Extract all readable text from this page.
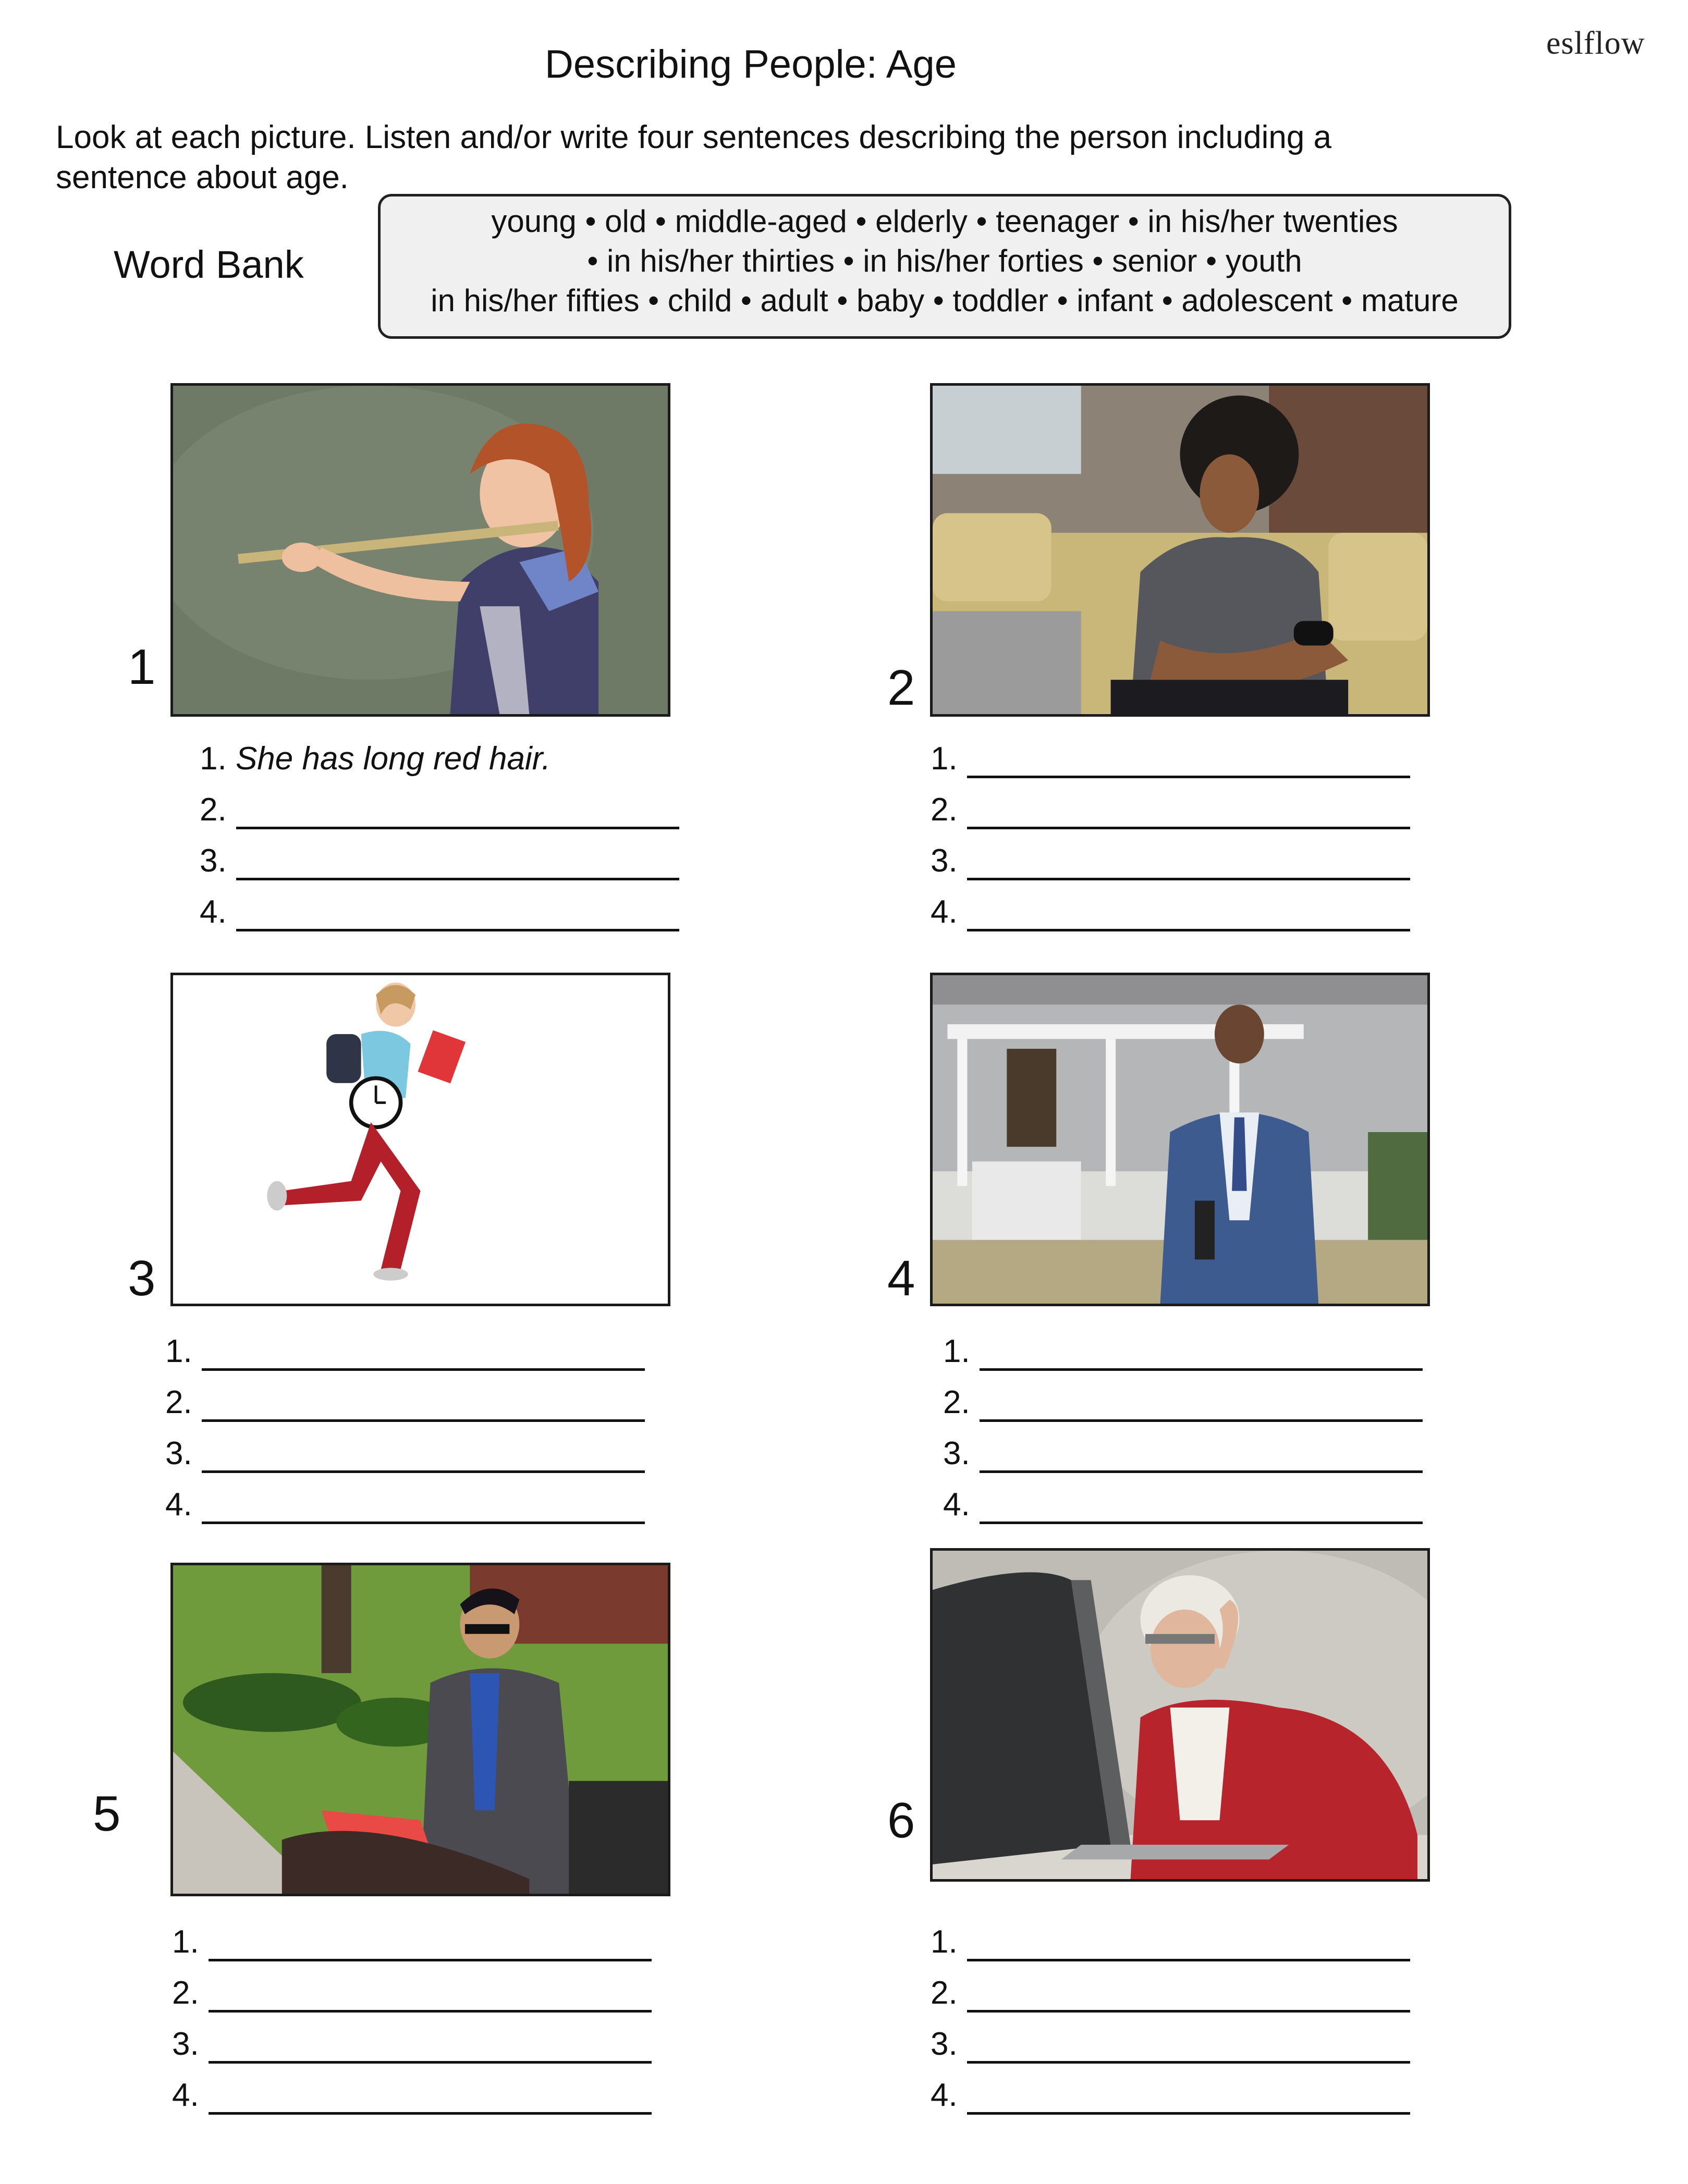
eslflow
Describing People: Age
Look at each picture. Listen and/or write four sentences describing the person including a
sentence about age.
Word Bank
young • old • middle-aged • elderly • teenager • in his/her twenties
• in his/her thirties • in his/her forties • senior • youth
in his/her fifties • child • adult • baby • toddler • infant • adolescent • mature
1	2
3	4
5	6
1. She has long red hair.
2.
3.
4.
1.
2.
3.
4.
1.
2.
3.
4.
1.
2.
3.
4.
1.
2.
3.
4.
1.
2.
3.
4.
